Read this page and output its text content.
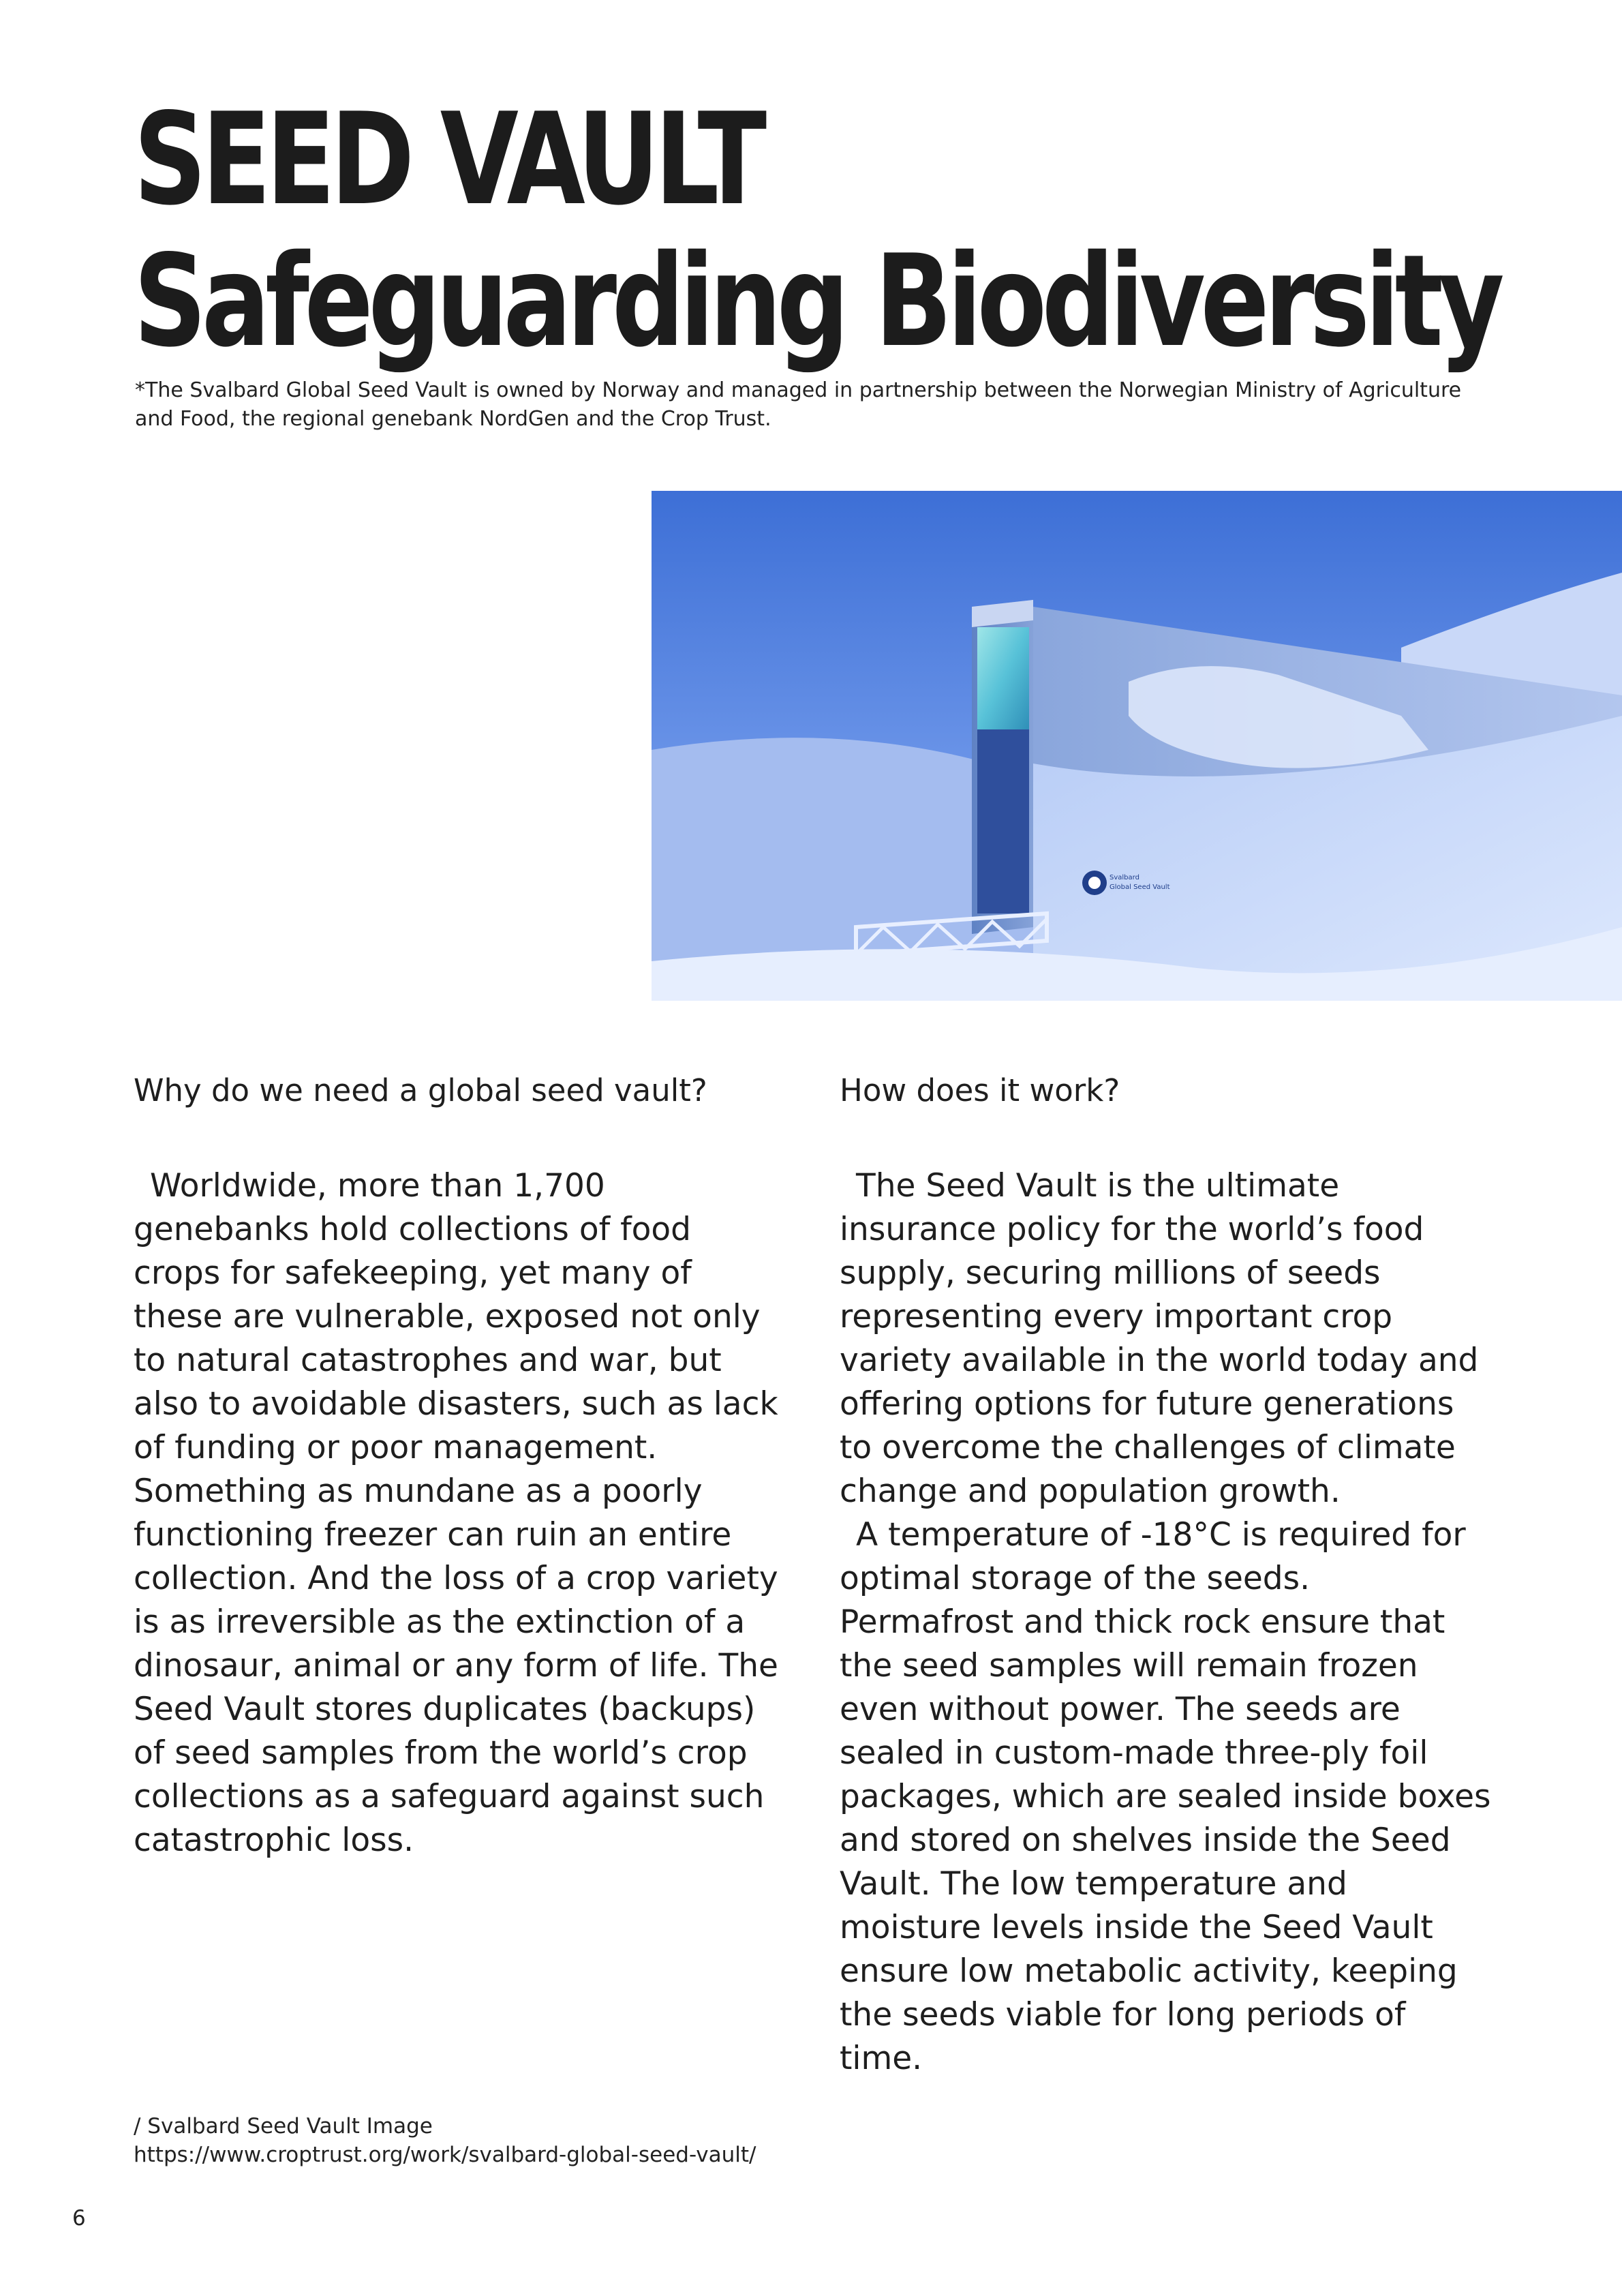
SEED VAULT
Safeguarding Biodiversity

*The Svalbard Global Seed Vault is owned by Norway and managed in partnership between the Norwegian Ministry of Agriculture and Food, the regional genebank NordGen and the Crop Trust.

Svalbard
Global Seed Vault
Why do we need a global seed vault?

Worldwide, more than 1,700 genebanks hold collections of food crops for safekeeping, yet many of these are vulnerable, exposed not only to natural catastrophes and war, but also to avoidable disasters, such as lack of funding or poor management. Something as mundane as a poorly functioning freezer can ruin an entire collection. And the loss of a crop variety is as irreversible as the extinction of a dinosaur, animal or any form of life. The Seed Vault stores duplicates (backups) of seed samples from the world’s crop collections as a safeguard against such catastrophic loss.

How does it work?

The Seed Vault is the ultimate insurance policy for the world’s food supply, securing millions of seeds representing every important crop variety available in the world today and offering options for future generations to overcome the challenges of climate change and population growth.

A temperature of -18°C is required for optimal storage of the seeds. Permafrost and thick rock ensure that the seed samples will remain frozen even without power. The seeds are sealed in custom-made three-ply foil packages, which are sealed inside boxes and stored on shelves inside the Seed Vault. The low temperature and moisture levels inside the Seed Vault ensure low metabolic activity, keeping the seeds viable for long periods of time.

/ Svalbard Seed Vault Image
https://www.croptrust.org/work/svalbard-global-seed-vault/
6
